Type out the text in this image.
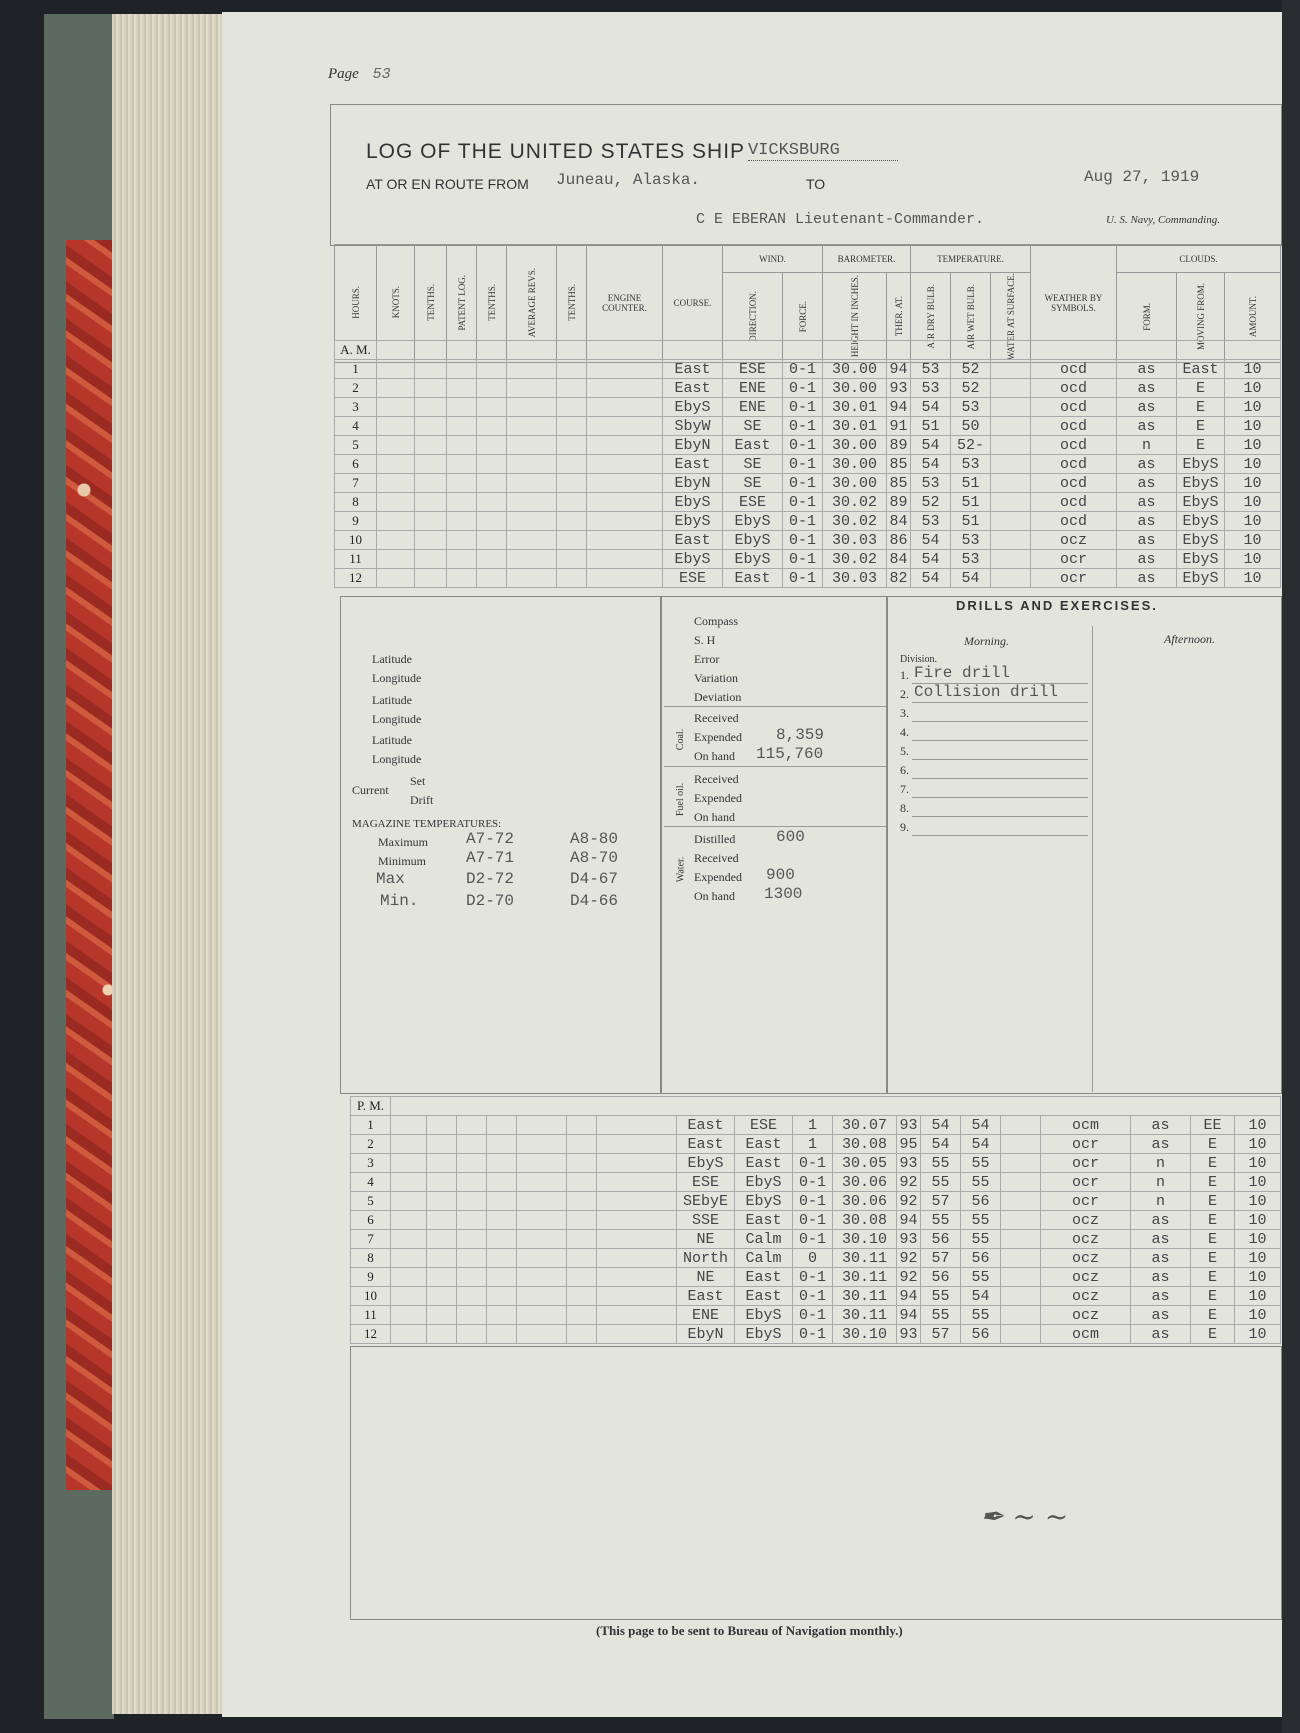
Page 53
LOG OF THE UNITED STATES SHIP VICKSBURG
AT OR EN ROUTE FROM Juneau, Alaska.	TO	Aug 27, 1919
C E EBERAN Lieutenant-Commander.	U. S. Navy, Commanding.
HOURS.	KNOTS.	TENTHS.	PATENT LOG.	TENTHS.	AVERAGE REVS.	TENTHS.	ENGINE COUNTER.	COURSE.	WIND.		BAROMETER.		TEMPERATURE.			WEATHER BY SYMBOLS.	CLOUDS.		
									DIRECTION.	FORCE.	HEIGHT IN INCHES.	THER. AT.	AIR DRY BULB.	AIR WET BULB.	WATER AT SURFACE.		FORM.	MOVING FROM.	AMOUNT.
A. M.																			
1								East	ESE	0-1	30.00	94	53	52		ocd	as	East	10
2								East	ENE	0-1	30.00	93	53	52		ocd	as	E	10
3								EbyS	ENE	0-1	30.01	94	54	53		ocd	as	E	10
4								SbyW	SE	0-1	30.01	91	51	50		ocd	as	E	10
5								EbyN	East	0-1	30.00	89	54	52-		ocd	n	E	10
6								East	SE	0-1	30.00	85	54	53		ocd	as	EbyS	10
7								EbyN	SE	0-1	30.00	85	53	51		ocd	as	EbyS	10
8								EbyS	ESE	0-1	30.02	89	52	51		ocd	as	EbyS	10
9								EbyS	EbyS	0-1	30.02	84	53	51		ocd	as	EbyS	10
10								East	EbyS	0-1	30.03	86	54	53		ocz	as	EbyS	10
11								EbyS	EbyS	0-1	30.02	84	54	53		ocr	as	EbyS	10
12								ESE	East	0-1	30.03	82	54	54		ocr	as	EbyS	10
Latitude
Longitude
Latitude
Longitude
Latitude
Longitude
Current
Set
Drift
MAGAZINE TEMPERATURES:
Maximum A7-72	A8-80
Minimum A7-71	A8-70
Max	D2-72	D4-67
Min.	D2-70	D4-66
Compass
S. H
Error
Variation
Deviation
Coal.
Received
Expended 8,359
On hand 115,760
Fuel oil.
Received
Expended
On hand
Water.
Distilled	600
Received
Expended 900
On hand 1300
DRILLS AND EXERCISES.
Morning.	Afternoon.
Division.
1. Fire drill
2. Collision drill
3.
4.
5.
6.
7.
8.
9.
P. M.																			
1								East	ESE	1	30.07	93	54	54		ocm	as	EE	10
2								East	East	1	30.08	95	54	54		ocr	as	E	10
3								EbyS	East	0-1	30.05	93	55	55		ocr	n	E	10
4								ESE	EbyS	0-1	30.06	92	55	55		ocr	n	E	10
5								SEbyE	EbyS	0-1	30.06	92	57	56		ocr	n	E	10
6								SSE	East	0-1	30.08	94	55	55		ocz	as	E	10
7								NE	Calm	0-1	30.10	93	56	55		ocz	as	E	10
8								North	Calm	0	30.11	92	57	56		ocz	as	E	10
9								NE	East	0-1	30.11	92	56	55		ocz	as	E	10
10								East	East	0-1	30.11	94	55	54		ocz	as	E	10
11								ENE	EbyS	0-1	30.11	94	55	55		ocz	as	E	10
12								EbyN	EbyS	0-1	30.10	93	57	56		ocm	as	E	10
✒ ~ ~
(This page to be sent to Bureau of Navigation monthly.)
